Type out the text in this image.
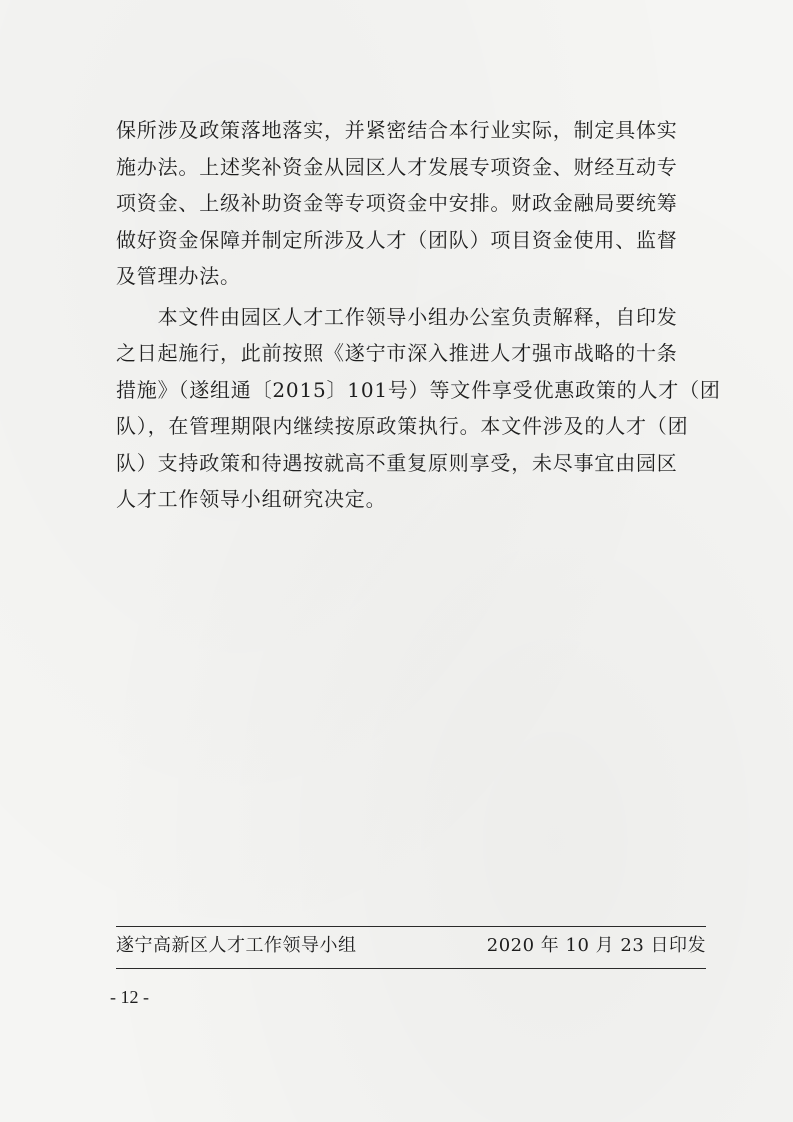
保所涉及政策落地落实，并紧密结合本行业实际，制定具体实

施办法。上述奖补资金从园区人才发展专项资金、财经互动专

项资金、上级补助资金等专项资金中安排。财政金融局要统筹

做好资金保障并制定所涉及人才（团队）项目资金使用、监督

及管理办法。

　　本文件由园区人才工作领导小组办公室负责解释，自印发

之日起施行，此前按照《遂宁市深入推进人才强市战略的十条

措施》（遂组通〔2015〕101号）等文件享受优惠政策的人才（团

队），在管理期限内继续按原政策执行。本文件涉及的人才（团

队）支持政策和待遇按就高不重复原则享受，未尽事宜由园区

人才工作领导小组研究决定。

遂宁高新区人才工作领导小组	2020 年 10 月 23 日印发
- 12 -
